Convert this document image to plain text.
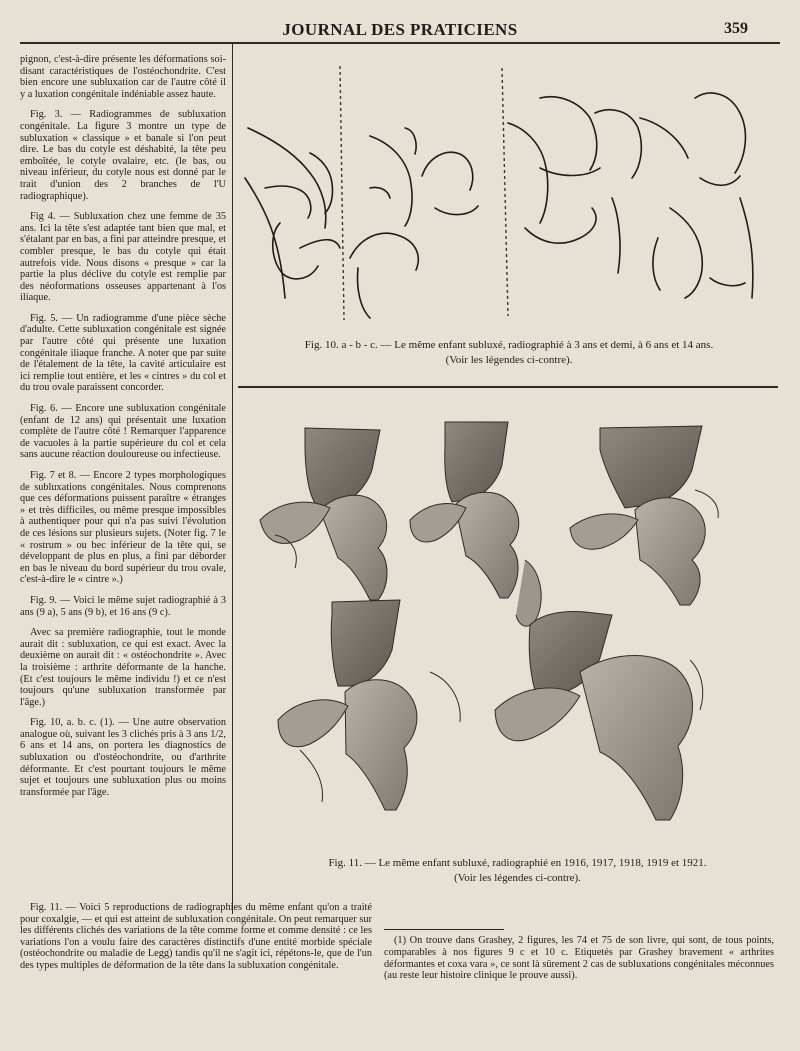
JOURNAL DES PRATICIENS	359

pignon, c'est-à-dire présente les déformations soi-disant caractéristiques de l'ostéochondrite. C'est bien encore une subluxation car de l'autre côté il y a luxation congénitale indéniable assez haute.

Fig. 3. — Radiogrammes de subluxation congénitale. La figure 3 montre un type de subluxation « classique » et banale si l'on peut dire. Le bas du cotyle est déshabité, la tête peu emboîtée, le cotyle ovalaire, etc. (le bas, ou niveau inférieur, du cotyle nous est donné par le trait d'union des 2 branches de l'U radiographique).

Fig 4. — Subluxation chez une femme de 35 ans. Ici la tête s'est adaptée tant bien que mal, et s'étalant par en bas, a fini par atteindre presque, et combler presque, le bas du cotyle qui était autrefois vide. Nous disons « presque » car la partie la plus déclive du cotyle est remplie par des néoformations osseuses appartenant à l'os iliaque.

Fig. 5. — Un radiogramme d'une pièce sèche d'adulte. Cette subluxation congénitale est signée par l'autre côté qui présente une luxation congénitale iliaque franche. A noter que par suite de l'étalement de la tête, la cavité articulaire est ici remplie tout entière, et les « cintres » du col et du trou ovale paraissent concorder.

Fig. 6. — Encore une subluxation congénitale (enfant de 12 ans) qui présentait une luxation complète de l'autre côté ! Remarquer l'apparence de vacuoles à la partie supérieure du col et cela sans aucune réaction douloureuse ou infectieuse.

Fig. 7 et 8. — Encore 2 types morphologiques de subluxations congénitales. Nous comprenons que ces déformations puissent paraître « étranges » et très difficiles, ou même presque impossibles à authentiquer pour qui n'a pas suivi l'évolution de ces lésions sur plusieurs sujets. (Noter fig. 7 le « rostrum » ou bec inférieur de la tête qui, se développant de plus en plus, a fini par déborder en bas le niveau du bord supérieur du trou ovale, c'est-à-dire le « cintre ».)

Fig. 9. — Voici le même sujet radiographié à 3 ans (9 a), 5 ans (9 b), et 16 ans (9 c).

Avec sa première radiographie, tout le monde aurait dit : subluxation, ce qui est exact. Avec la deuxième on aurait dit : « ostéochondrite ». Avec la troisième : arthrite déformante de la hanche. (Et c'est toujours le même individu !) et ce n'est toujours qu'une subluxation transformée par l'âge.)

Fig. 10, a. b. c. (1). — Une autre observation analogue où, suivant les 3 clichés pris à 3 ans 1/2, 6 ans et 14 ans, on portera les diagnostics de subluxation ou d'ostéochondrite, ou d'arthrite déformante. Et c'est pourtant toujours le même sujet et toujours une subluxation plus ou moins transformée par l'âge.

Fig. 10. a - b - c. — Le même enfant subluxé, radiographié à 3 ans et demi, à 6 ans et 14 ans.
(Voir les légendes ci-contre).
Fig. 11. — Le même enfant subluxé, radiographié en 1916, 1917, 1918, 1919 et 1921.
(Voir les légendes ci-contre).

Fig. 11. — Voici 5 reproductions de radiographies du même enfant qu'on a traité pour coxalgie, — et qui est atteint de subluxation congénitale. On peut remarquer sur les différents clichés des variations de la tête comme forme et comme densité : ce les variations l'on a voulu faire des caractères distinctifs d'une entité morbide spéciale (ostéochondrite ou maladie de Legg) tandis qu'il ne s'agit ici, répétons-le, que de l'un des types multiples de déformation de la tête dans la subluxation congénitale.

(1) On trouve dans Grashey, 2 figures, les 74 et 75 de son livre, qui sont, de tous points, comparables à nos figures 9 c et 10 c. Etiquetés par Grashey bravement « arthrites déformantes et coxa vara », ce sont là sûrement 2 cas de subluxations congénitales méconnues (au reste leur histoire clinique le prouve aussi).
